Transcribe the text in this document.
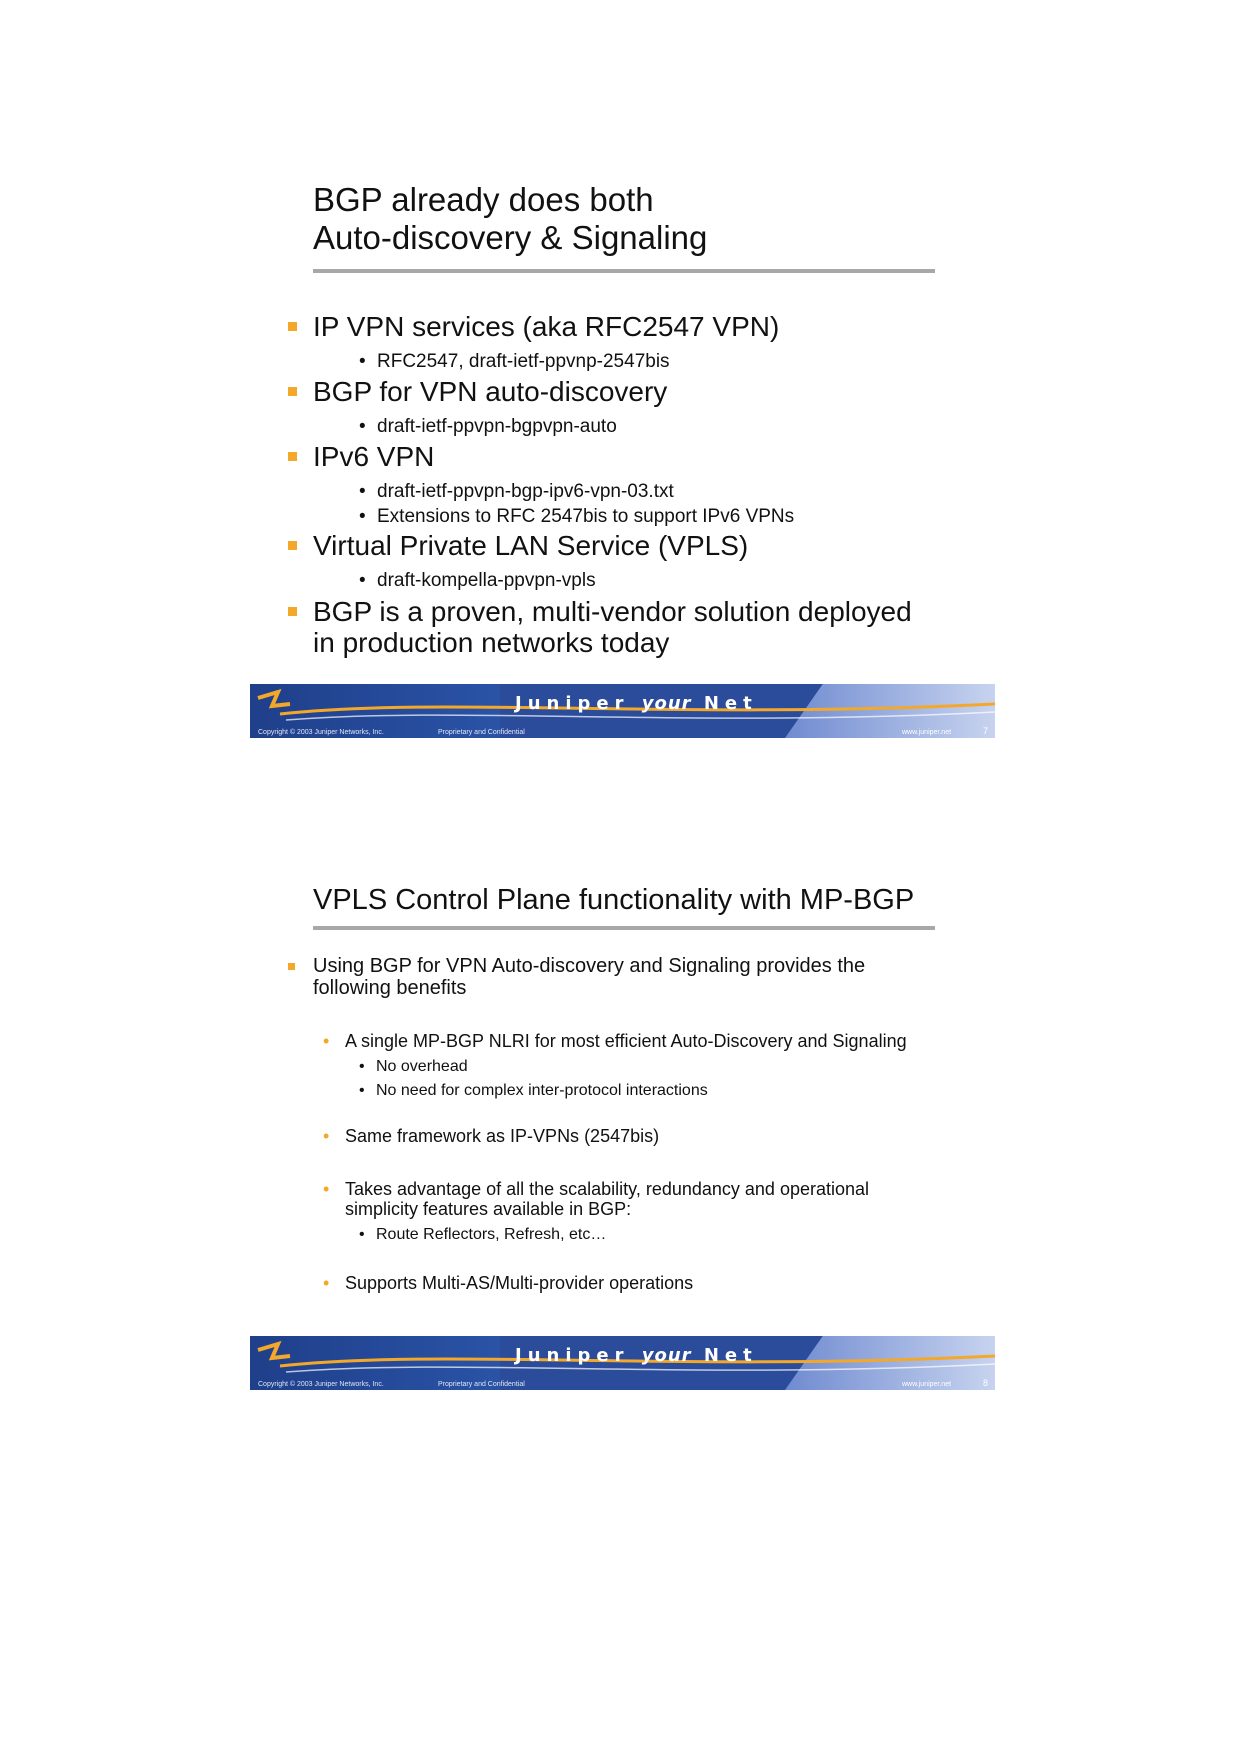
BGP already does both
Auto-discovery & Signaling
IP VPN services (aka RFC2547 VPN)
• RFC2547, draft-ietf-ppvnp-2547bis
BGP for VPN auto-discovery
• draft-ietf-ppvpn-bgpvpn-auto
IPv6 VPN
• draft-ietf-ppvpn-bgp-ipv6-vpn-03.txt
• Extensions to RFC 2547bis to support IPv6 VPNs
Virtual Private LAN Service (VPLS)
• draft-kompella-ppvpn-vpls
BGP is a proven, multi-vendor solution deployed
in production networks today
Juniper your Net
Copyright © 2003 Juniper Networks, Inc.	Proprietary and Confidential	www.juniper.net	7
VPLS Control Plane functionality with MP-BGP
Using BGP for VPN Auto-discovery and Signaling provides the
following benefits
• A single MP-BGP NLRI for most efficient Auto-Discovery and Signaling
• No overhead
• No need for complex inter-protocol interactions
• Same framework as IP-VPNs (2547bis)
• Takes advantage of all the scalability, redundancy and operational
simplicity features available in BGP:
• Route Reflectors, Refresh, etc…
• Supports Multi-AS/Multi-provider operations
Juniper your Net
Copyright © 2003 Juniper Networks, Inc.	Proprietary and Confidential	www.juniper.net	8
